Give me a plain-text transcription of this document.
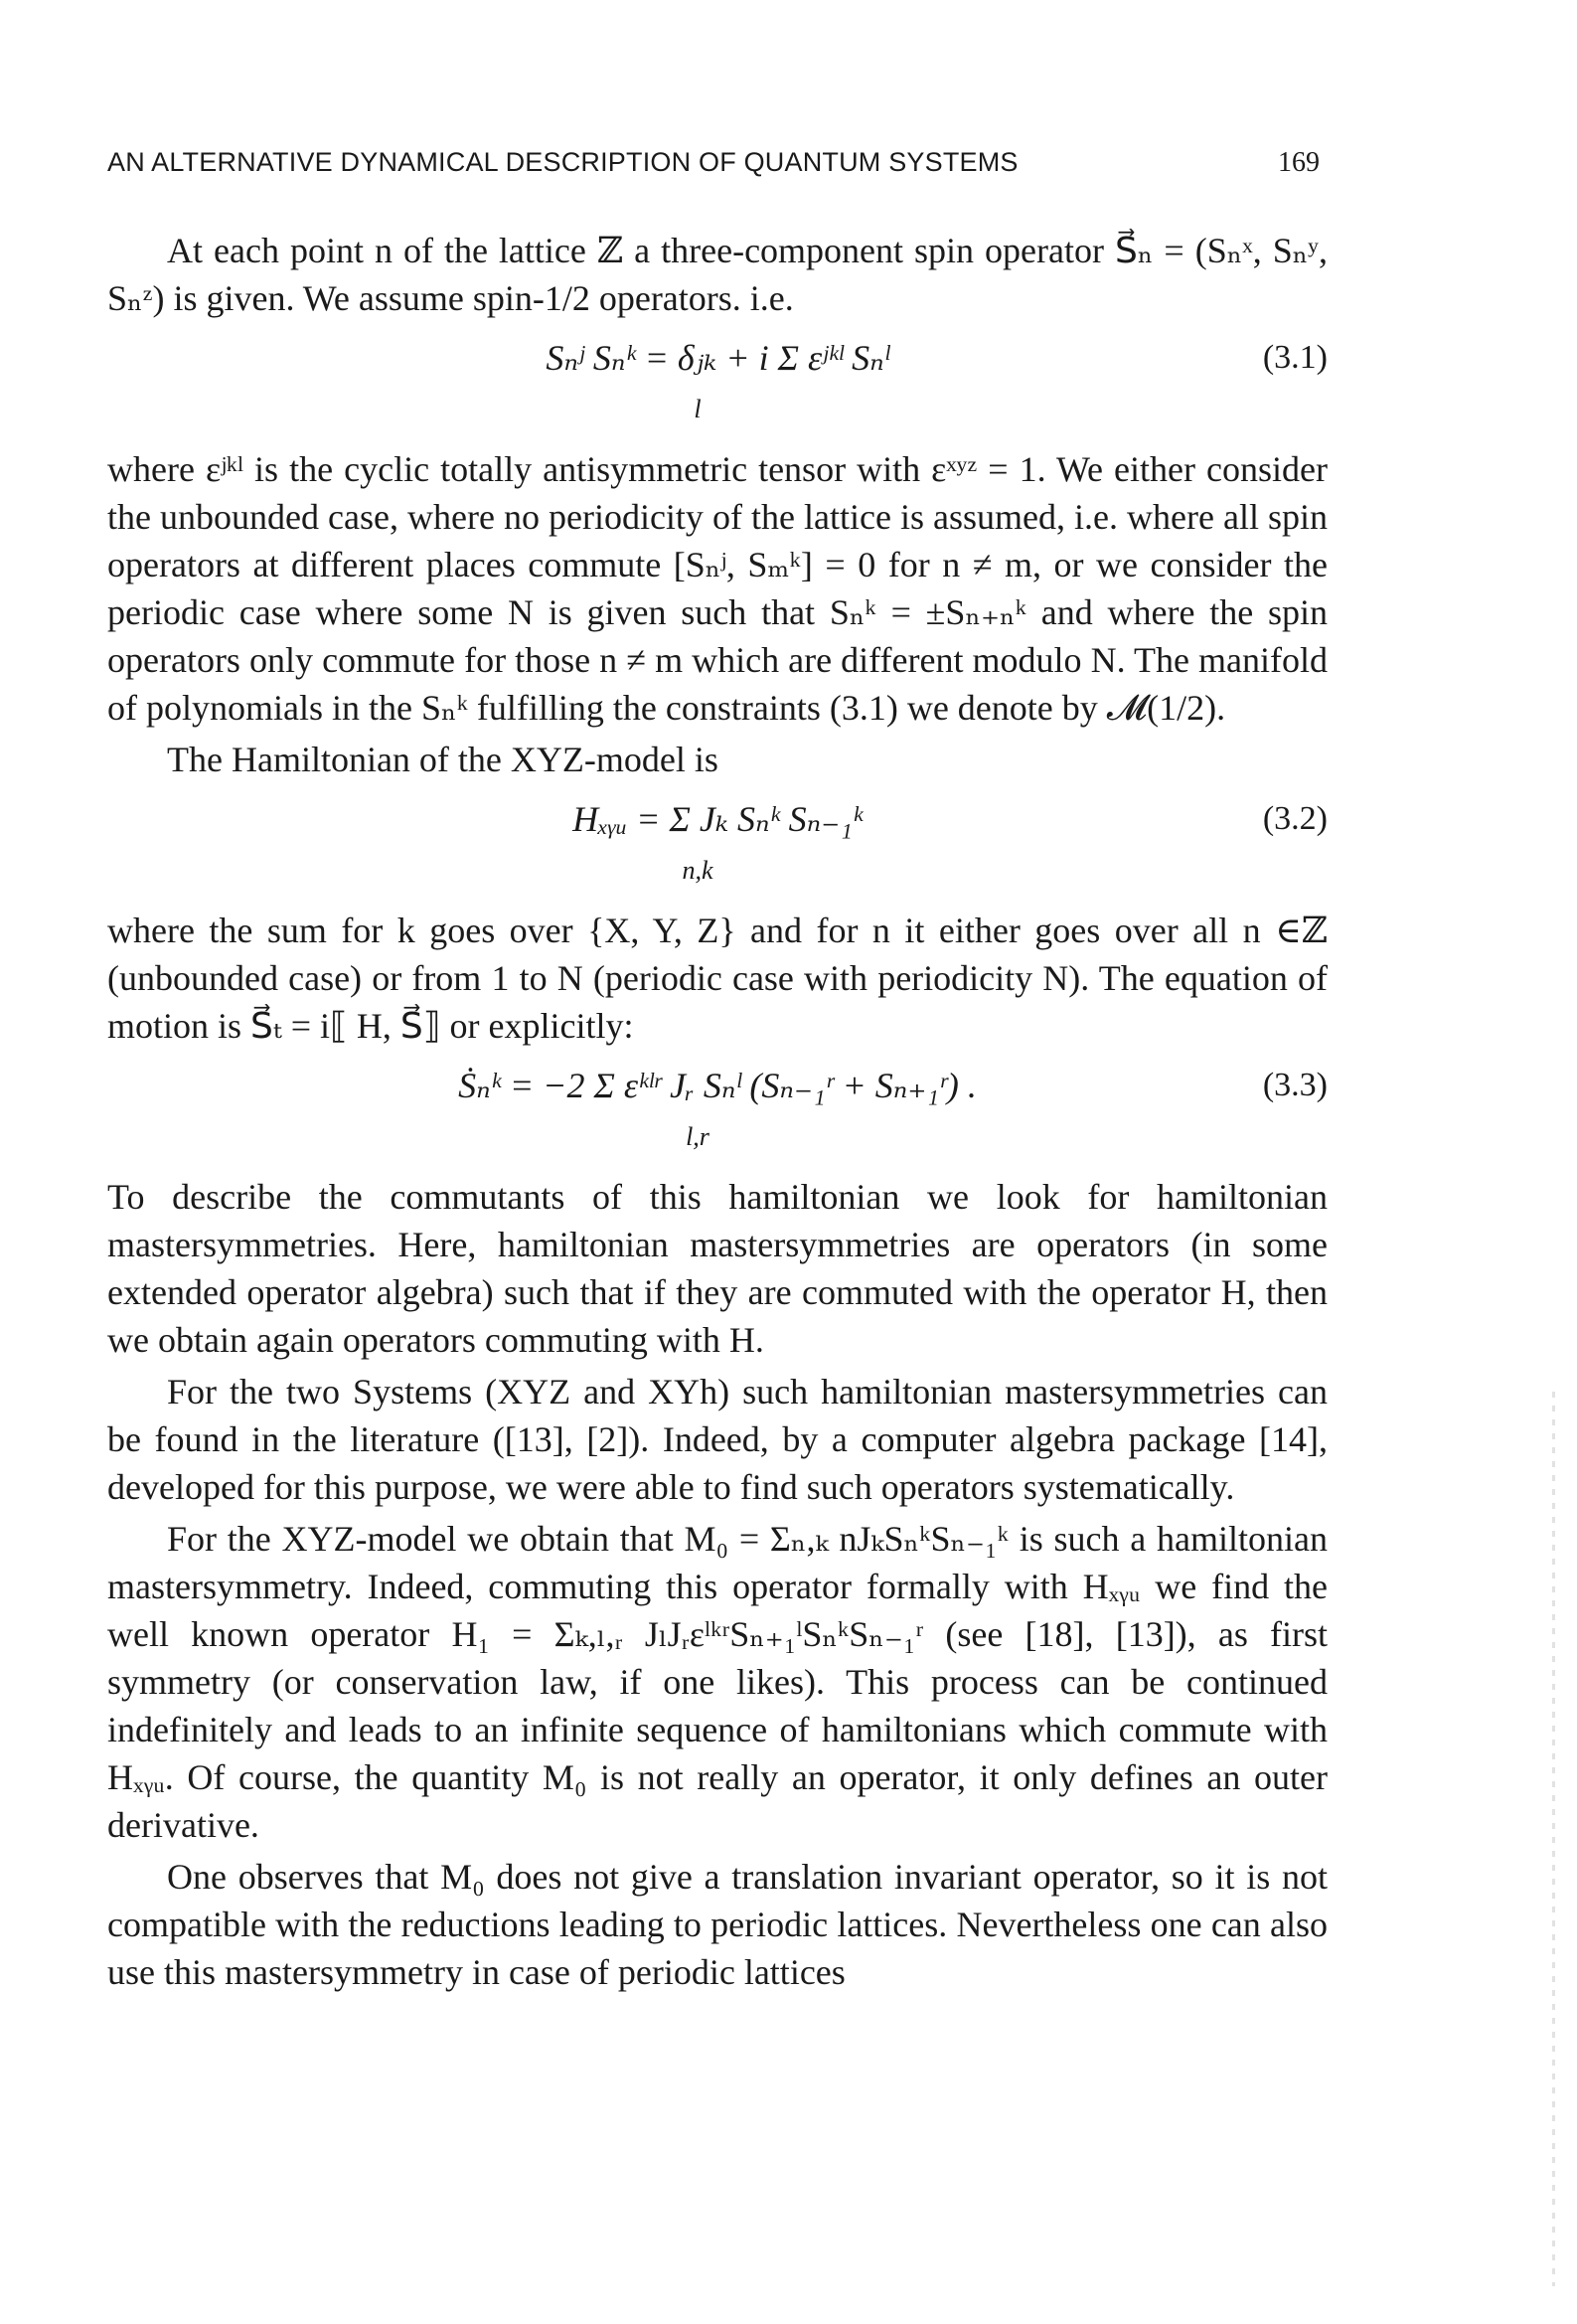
AN ALTERNATIVE DYNAMICAL DESCRIPTION OF QUANTUM SYSTEMS	169

At each point n of the lattice ℤ a three-component spin operator S⃗ₙ = (Sₙˣ, Sₙʸ, Sₙᶻ) is given. We assume spin-1/2 operators. i.e.

Sₙʲ Sₙᵏ = δⱼₖ + i Σ εʲᵏˡ Sₙˡ
l
(3.1)

where εʲᵏˡ is the cyclic totally antisymmetric tensor with εˣʸᶻ = 1. We either consider the unbounded case, where no periodicity of the lattice is assumed, i.e. where all spin operators at different places commute [Sₙʲ, Sₘᵏ] = 0 for n ≠ m, or we consider the periodic case where some N is given such that Sₙᵏ = ±Sₙ₊ₙᵏ and where the spin operators only commute for those n ≠ m which are different modulo N. The manifold of polynomials in the Sₙᵏ fulfilling the constraints (3.1) we denote by 𝓜(1/2).

The Hamiltonian of the XYZ-model is

Hₓᵧᵤ = Σ Jₖ Sₙᵏ Sₙ₋₁ᵏ
n,k
(3.2)

where the sum for k goes over {X, Y, Z} and for n it either goes over all n ∈ℤ (unbounded case) or from 1 to N (periodic case with periodicity N). The equation of motion is S⃗ₜ = i⟦ H, S⃗⟧ or explicitly:

Ṡₙᵏ = −2 Σ εᵏˡʳ Jᵣ Sₙˡ (Sₙ₋₁ʳ + Sₙ₊₁ʳ) .
l,r
(3.3)

To describe the commutants of this hamiltonian we look for hamiltonian mastersymmetries. Here, hamiltonian mastersymmetries are operators (in some extended operator algebra) such that if they are commuted with the operator H, then we obtain again operators commuting with H.

For the two Systems (XYZ and XYh) such hamiltonian mastersymmetries can be found in the literature ([13], [2]). Indeed, by a computer algebra package [14], developed for this purpose, we were able to find such operators systematically.

For the XYZ-model we obtain that M₀ = Σₙ,ₖ nJₖSₙᵏSₙ₋₁ᵏ is such a hamiltonian mastersymmetry. Indeed, commuting this operator formally with Hₓᵧᵤ we find the well known operator H₁ = Σₖ,ₗ,ᵣ JₗJᵣεˡᵏʳSₙ₊₁ˡSₙᵏSₙ₋₁ʳ (see [18], [13]), as first symmetry (or conservation law, if one likes). This process can be continued indefinitely and leads to an infinite sequence of hamiltonians which commute with Hₓᵧᵤ. Of course, the quantity M₀ is not really an operator, it only defines an outer derivative.

One observes that M₀ does not give a translation invariant operator, so it is not compatible with the reductions leading to periodic lattices. Nevertheless one can also use this mastersymmetry in case of periodic lattices
